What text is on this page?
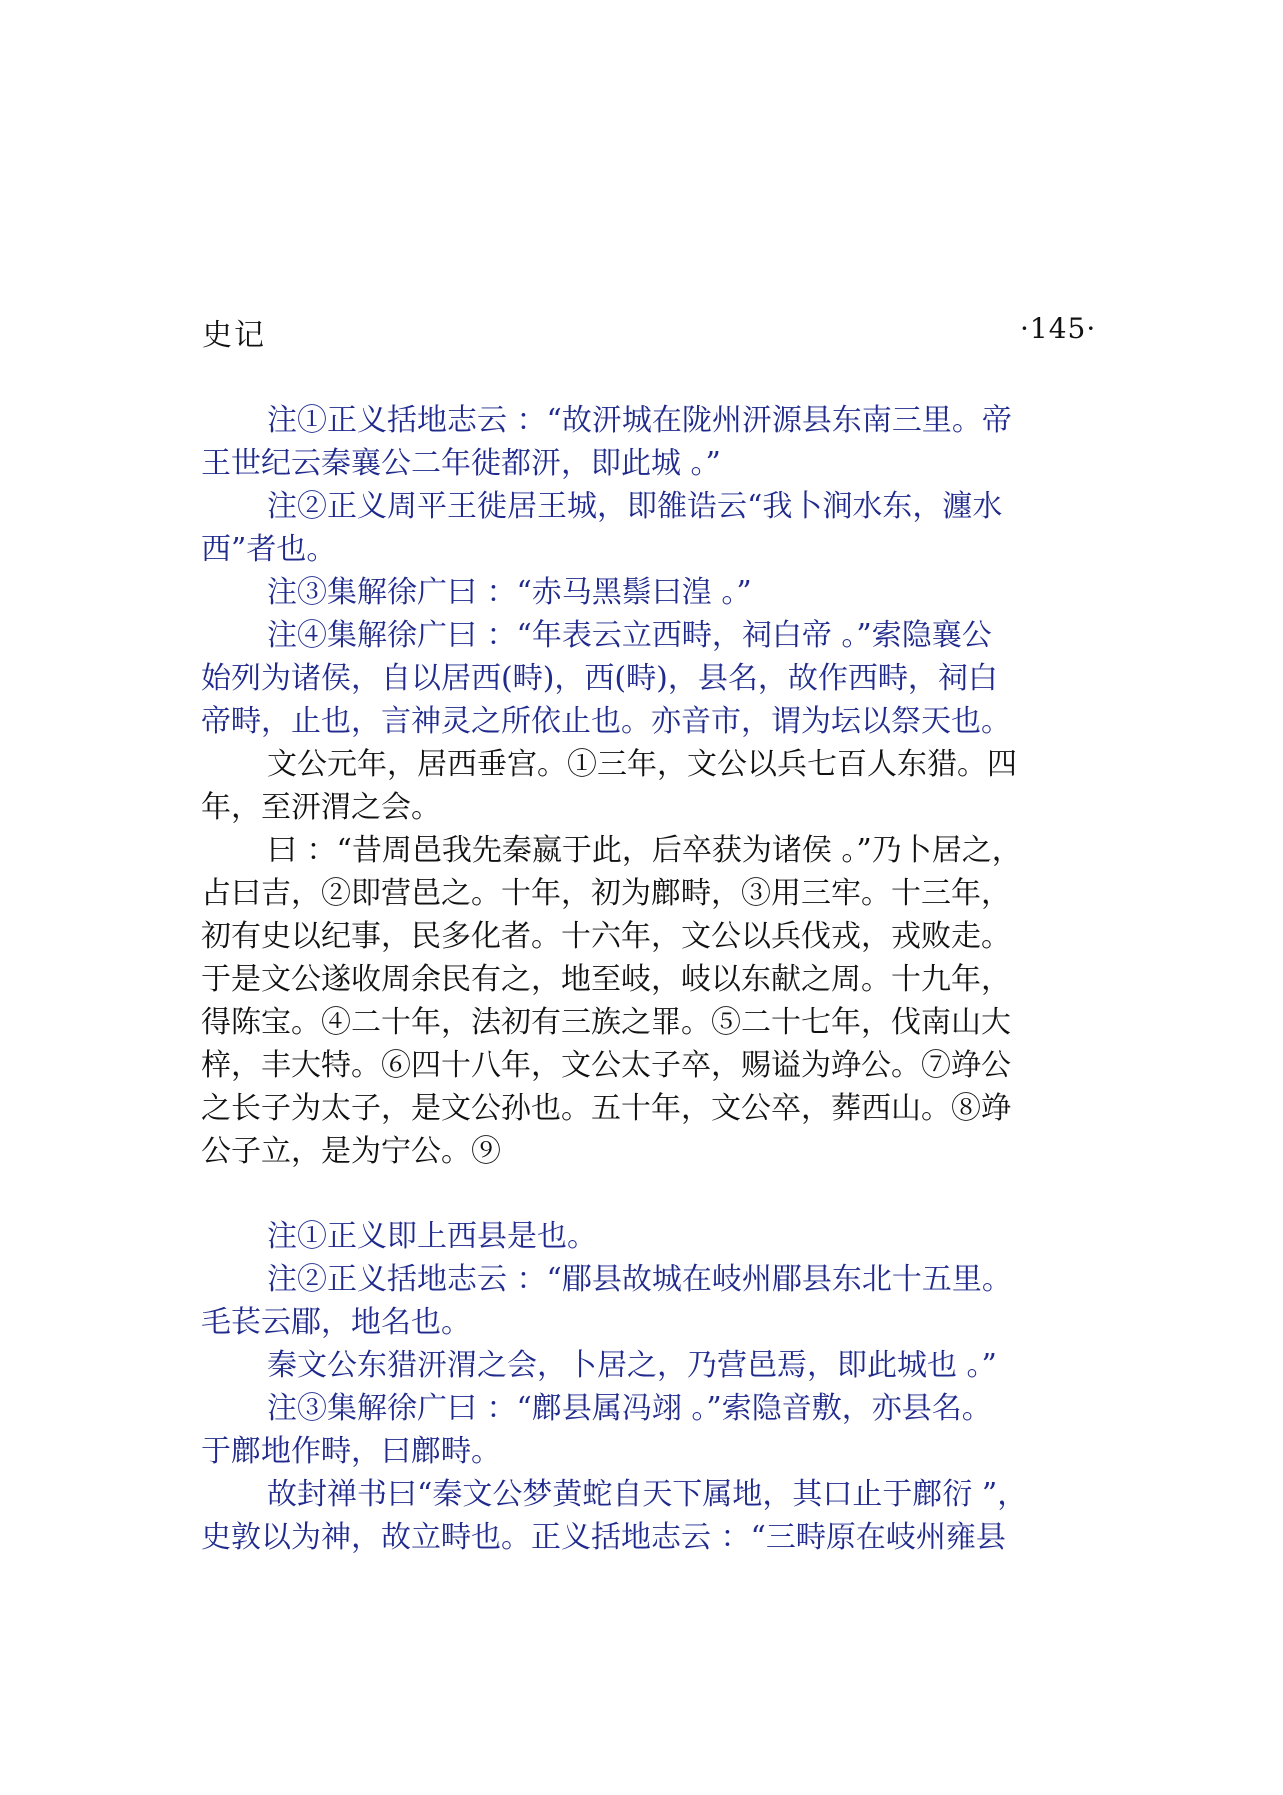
史记	·145·
注①正义括地志云 ：“故汧城在陇州汧源县东南三里。帝
王世纪云秦襄公二年徙都汧，即此城 。”
注②正义周平王徙居王城，即雒诰云“我卜涧水东，瀍水
西”者也。
注③集解徐广曰 ：“赤马黑鬃曰湟 。”
注④集解徐广曰 ：“年表云立西畤，祠白帝 。”索隐襄公
始列为诸侯，自以居西(畤)，西(畤)，县名，故作西畤，祠白
帝畤，止也，言神灵之所依止也。亦音市，谓为坛以祭天也。
文公元年，居西垂宫。①三年，文公以兵七百人东猎。四
年，至汧渭之会。
曰 ：“昔周邑我先秦嬴于此，后卒获为诸侯 。”乃卜居之，
占曰吉，②即营邑之。十年，初为鄜畤，③用三牢。十三年，
初有史以纪事，民多化者。十六年，文公以兵伐戎，戎败走。
于是文公遂收周余民有之，地至岐，岐以东献之周。十九年，
得陈宝。④二十年，法初有三族之罪。⑤二十七年，伐南山大
梓，丰大特。⑥四十八年，文公太子卒，赐谥为竫公。⑦竫公
之长子为太子，是文公孙也。五十年，文公卒，葬西山。⑧竫
公子立，是为宁公。⑨
注①正义即上西县是也。
注②正义括地志云 ：“郿县故城在岐州郿县东北十五里。
毛苌云郿，地名也。
秦文公东猎汧渭之会，卜居之，乃营邑焉，即此城也 。”
注③集解徐广曰 ：“鄜县属冯翊 。”索隐音敷，亦县名。
于鄜地作畤，曰鄜畤。
故封禅书曰“秦文公梦黄蛇自天下属地，其口止于鄜衍 ”，
史敦以为神，故立畤也。正义括地志云 ：“三畤原在岐州雍县
